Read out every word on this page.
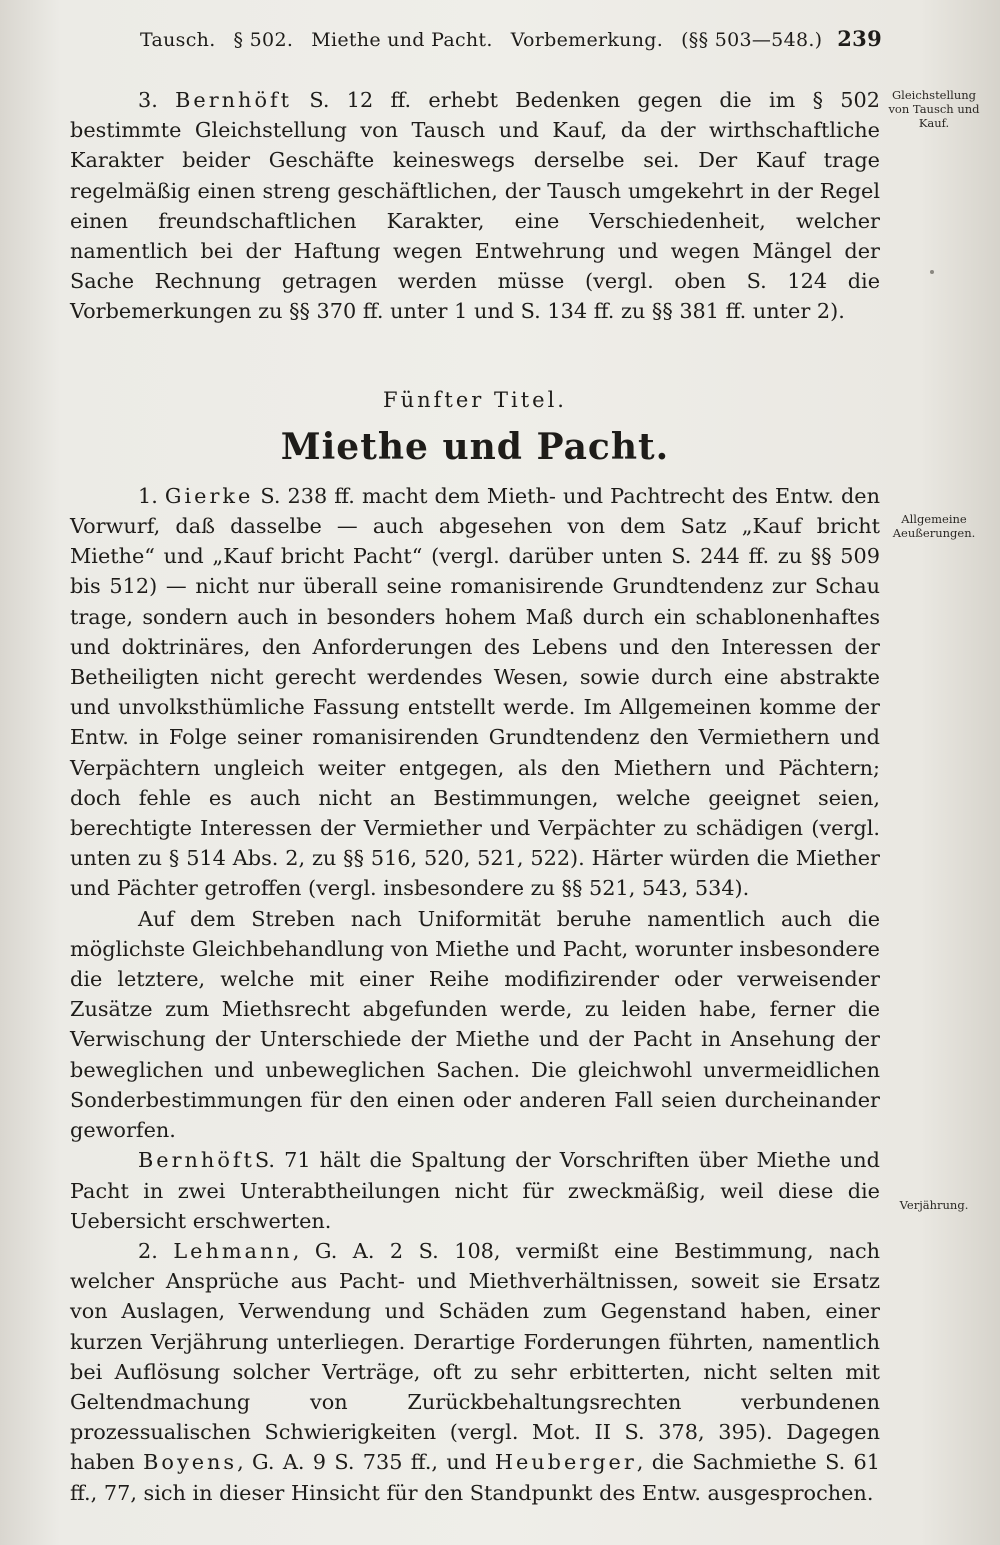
Tausch. § 502. Miethe und Pacht. Vorbemerkung. (§§ 503—548.) 239
Gleichstellung von Tausch und Kauf.
Allgemeine Aeußerungen.
Verjährung.

3. Bernhöft S. 12 ff. erhebt Bedenken gegen die im § 502 bestimmte Gleichstellung von Tausch und Kauf, da der wirthschaftliche Karakter beider Geschäfte keineswegs derselbe sei. Der Kauf trage regelmäßig einen streng geschäftlichen, der Tausch umgekehrt in der Regel einen freundschaftlichen Karakter, eine Verschiedenheit, welcher namentlich bei der Haftung wegen Entwehrung und wegen Mängel der Sache Rechnung getragen werden müsse (vergl. oben S. 124 die Vorbemerkungen zu §§ 370 ff. unter 1 und S. 134 ff. zu §§ 381 ff. unter 2).

Fünfter Titel.
Miethe und Pacht.

1. Gierke S. 238 ff. macht dem Mieth- und Pachtrecht des Entw. den Vorwurf, daß dasselbe — auch abgesehen von dem Satz „Kauf bricht Miethe“ und „Kauf bricht Pacht“ (vergl. darüber unten S. 244 ff. zu §§ 509 bis 512) — nicht nur überall seine romanisirende Grundtendenz zur Schau trage, sondern auch in besonders hohem Maß durch ein schablonenhaftes und doktrinäres, den Anforderungen des Lebens und den Interessen der Betheiligten nicht gerecht werdendes Wesen, sowie durch eine abstrakte und unvolksthümliche Fassung entstellt werde. Im Allgemeinen komme der Entw. in Folge seiner romanisirenden Grundtendenz den Vermiethern und Verpächtern ungleich weiter entgegen, als den Miethern und Pächtern; doch fehle es auch nicht an Bestimmungen, welche geeignet seien, berechtigte Interessen der Vermiether und Verpächter zu schädigen (vergl. unten zu § 514 Abs. 2, zu §§ 516, 520, 521, 522). Härter würden die Miether und Pächter getroffen (vergl. insbesondere zu §§ 521, 543, 534).

Auf dem Streben nach Uniformität beruhe namentlich auch die möglichste Gleichbehandlung von Miethe und Pacht, worunter insbesondere die letztere, welche mit einer Reihe modifizirender oder verweisender Zusätze zum Miethsrecht abgefunden werde, zu leiden habe, ferner die Verwischung der Unterschiede der Miethe und der Pacht in Ansehung der beweglichen und unbeweglichen Sachen. Die gleichwohl unvermeidlichen Sonderbestimmungen für den einen oder anderen Fall seien durcheinander geworfen.

BernhöftS. 71 hält die Spaltung der Vorschriften über Miethe und Pacht in zwei Unterabtheilungen nicht für zweckmäßig, weil diese die Uebersicht erschwerten.

2. Lehmann, G. A. 2 S. 108, vermißt eine Bestimmung, nach welcher Ansprüche aus Pacht- und Miethverhältnissen, soweit sie Ersatz von Auslagen, Verwendung und Schäden zum Gegenstand haben, einer kurzen Verjährung unterliegen. Derartige Forderungen führten, namentlich bei Auflösung solcher Verträge, oft zu sehr erbitterten, nicht selten mit Geltendmachung von Zurückbehaltungsrechten verbundenen prozessualischen Schwierigkeiten (vergl. Mot. II S. 378, 395). Dagegen haben Boyens, G. A. 9 S. 735 ff., und Heuberger, die Sachmiethe S. 61 ff., 77, sich in dieser Hinsicht für den Standpunkt des Entw. ausgesprochen.
